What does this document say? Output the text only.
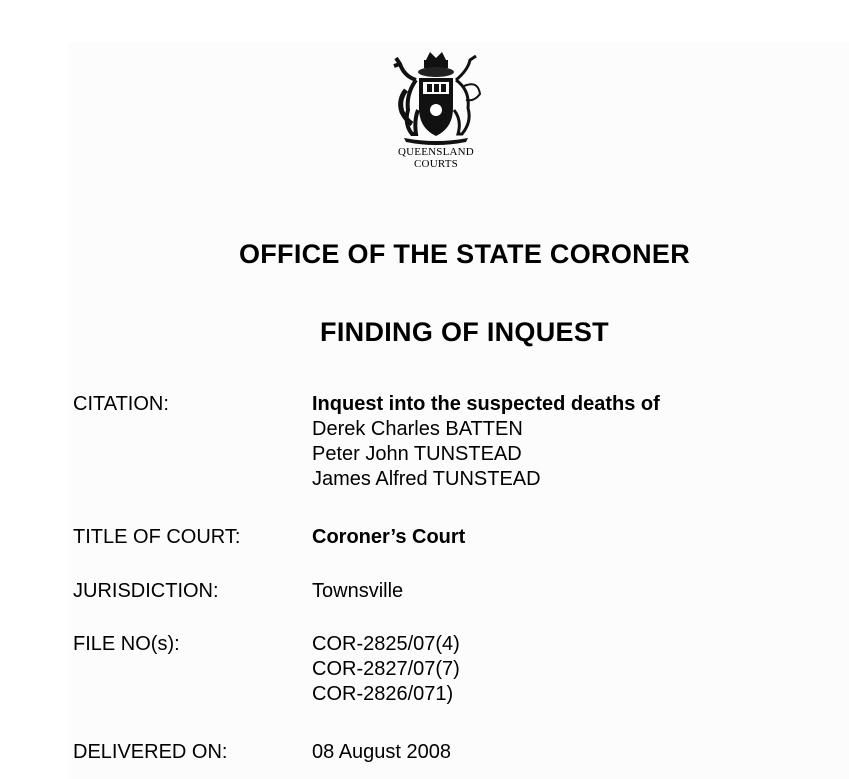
QUEENSLAND
COURTS
OFFICE OF THE STATE CORONER
FINDING OF INQUEST
CITATION:	Inquest into the suspected deaths of
Derek Charles BATTEN
Peter John TUNSTEAD
James Alfred TUNSTEAD
TITLE OF COURT:	Coroner’s Court
JURISDICTION:	Townsville
FILE NO(s):	COR-2825/07(4)
COR-2827/07(7)
COR-2826/071)
DELIVERED ON:	08 August 2008
